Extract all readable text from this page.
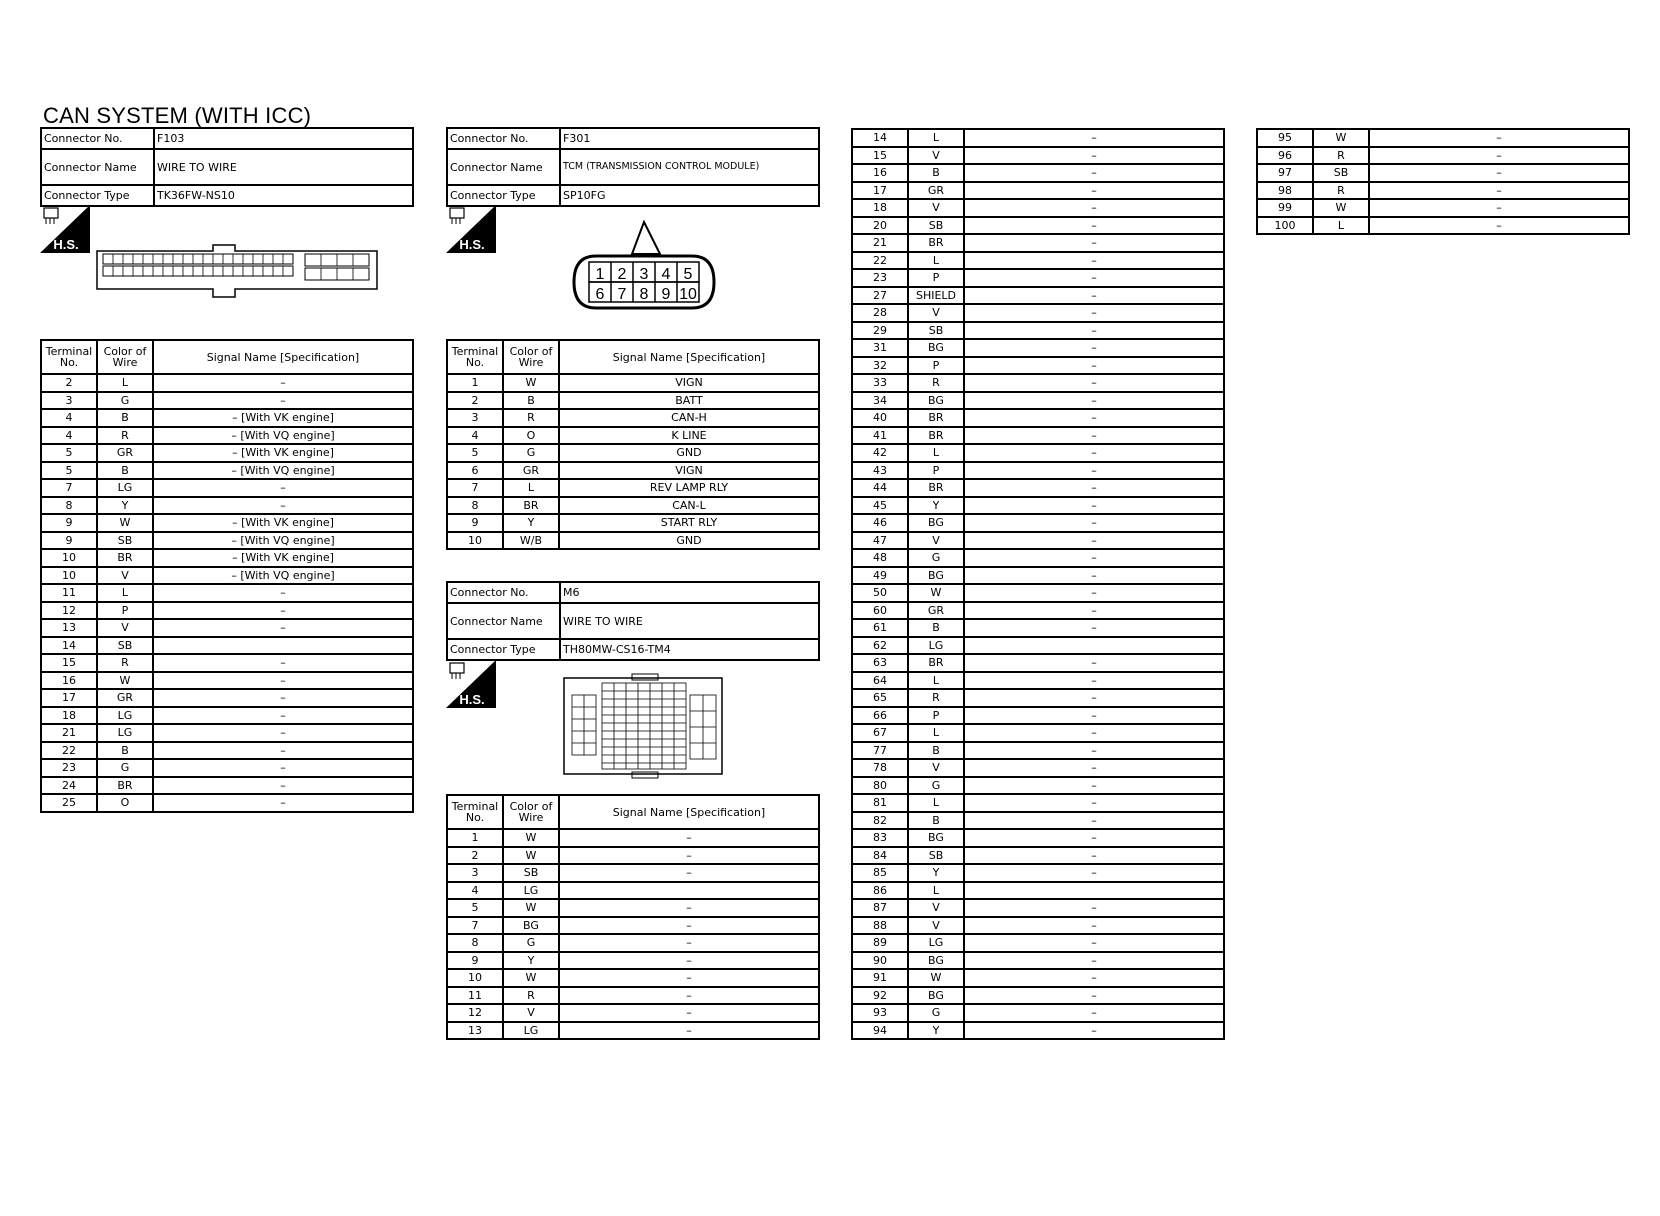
CAN SYSTEM (WITH ICC)
Connector No.	F103
Connector Name	WIRE TO WIRE
Connector Type	TK36FW-NS10
H.S.
Terminal No.	Color of Wire	Signal Name [Specification]
2	L	–
3	G	–
4	B	– [With VK engine]
4	R	– [With VQ engine]
5	GR	– [With VK engine]
5	B	– [With VQ engine]
7	LG	–
8	Y	–
9	W	– [With VK engine]
9	SB	– [With VQ engine]
10	BR	– [With VK engine]
10	V	– [With VQ engine]
11	L	–
12	P	–
13	V	–
14	SB	
15	R	–
16	W	–
17	GR	–
18	LG	–
21	LG	–
22	B	–
23	G	–
24	BR	–
25	O	–
Connector No.	F301
Connector Name	TCM (TRANSMISSION CONTROL MODULE)
Connector Type	SP10FG
H.S.
1 2 3 4 5
6 7 8 9 10
Terminal No.	Color of Wire	Signal Name [Specification]
1	W	VIGN
2	B	BATT
3	R	CAN-H
4	O	K LINE
5	G	GND
6	GR	VIGN
7	L	REV LAMP RLY
8	BR	CAN-L
9	Y	START RLY
10	W/B	GND
Connector No.	M6
Connector Name	WIRE TO WIRE
Connector Type	TH80MW-CS16-TM4
H.S.
Terminal No.	Color of Wire	Signal Name [Specification]
1	W	–
2	W	–
3	SB	–
4	LG	
5	W	–
7	BG	–
8	G	–
9	Y	–
10	W	–
11	R	–
12	V	–
13	LG	–
14	L	–
15	V	–
16	B	–
17	GR	–
18	V	–
20	SB	–
21	BR	–
22	L	–
23	P	–
27	SHIELD	–
28	V	–
29	SB	–
31	BG	–
32	P	–
33	R	–
34	BG	–
40	BR	–
41	BR	–
42	L	–
43	P	–
44	BR	–
45	Y	–
46	BG	–
47	V	–
48	G	–
49	BG	–
50	W	–
60	GR	–
61	B	–
62	LG	
63	BR	–
64	L	–
65	R	–
66	P	–
67	L	–
77	B	–
78	V	–
80	G	–
81	L	–
82	B	–
83	BG	–
84	SB	–
85	Y	–
86	L	
87	V	–
88	V	–
89	LG	–
90	BG	–
91	W	–
92	BG	–
93	G	–
94	Y	–
95	W	–
96	R	–
97	SB	–
98	R	–
99	W	–
100	L	–
